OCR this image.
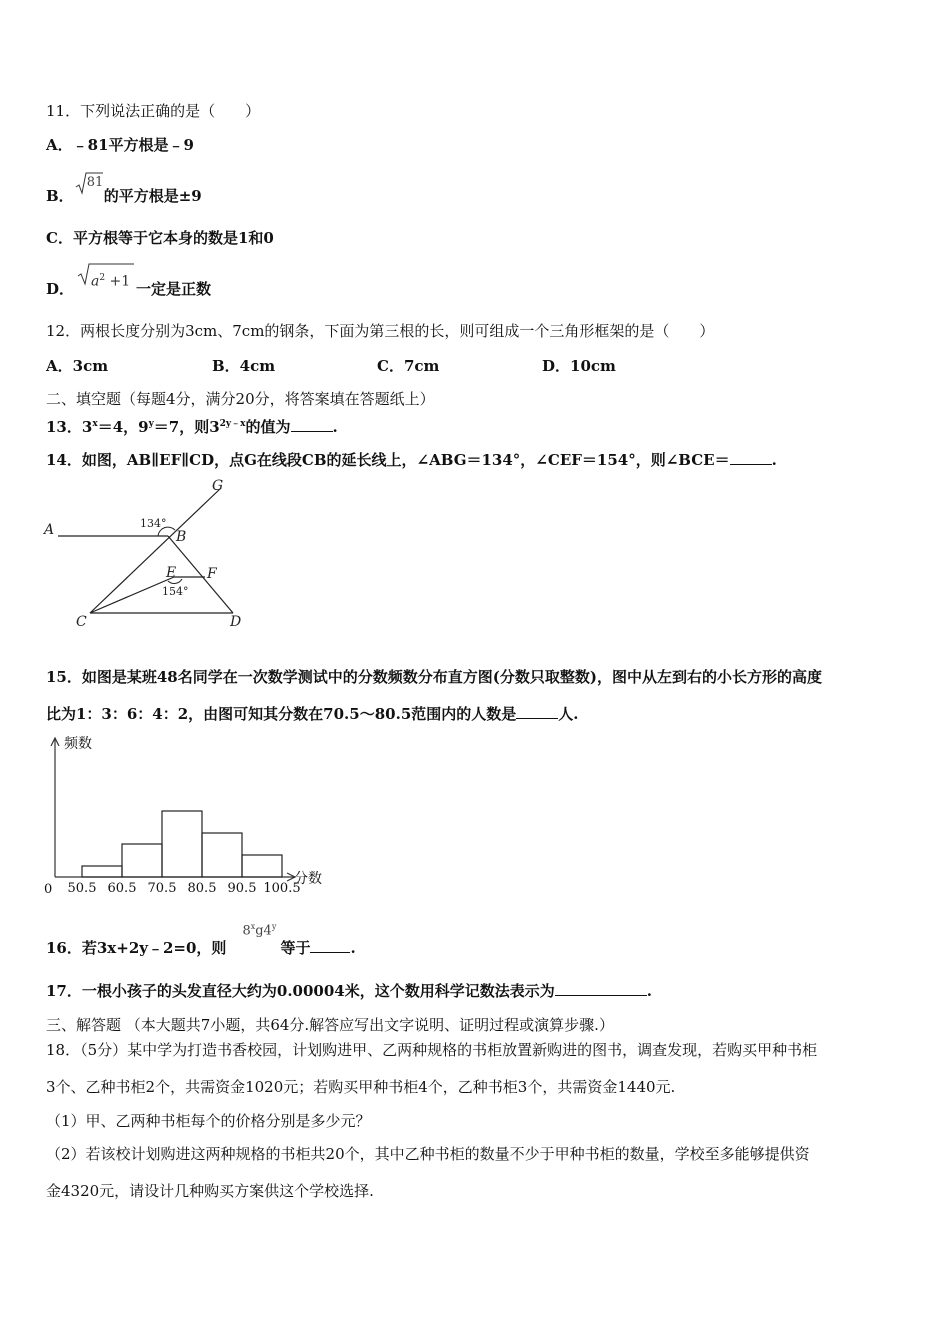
11．下列说法正确的是（　　）
A．﹣81平方根是﹣9
B．
81
的平方根是±9
C．平方根等于它本身的数是1和0
D． $a^2 +1$ 一定是正数
12．两根长度分别为3cm、7cm的钢条，下面为第三根的长，则可组成一个三角形框架的是（　　）
A．3cm	B．4cm	C．7cm	D．10cm
二、填空题（每题4分，满分20分，将答案填在答题纸上）
13．$3^x=4$，$9^y=7$，则$3^{2y﹣x}$的值为	.
14．如图，AB∥EF∥CD，点G在线段CB的延长线上，∠ABG＝134°，∠CEF＝154°，则∠BCE＝	.
G
A	B
E F
C	D
134°
154°
15．如图是某班48名同学在一次数学测试中的分数频数分布直方图(分数只取整数)，图中从左到右的小长方形的高度
比为1：3：6：4：2，由图可知其分数在70.5～80.5范围内的人数是	人.
频数
分数
0 50.5 60.5 70.5 80.5 90.5 100.5
16．若3x+2y﹣2=0，则
8$^x$g4$^y$
等于	.
17．一根小孩子的头发直径大约为0.00004米，这个数用科学记数法表示为	.
三、解答题 （本大题共7小题，共64分.解答应写出文字说明、证明过程或演算步骤.）
18．（5分）某中学为打造书香校园，计划购进甲、乙两种规格的书柜放置新购进的图书，调查发现，若购买甲种书柜
3个、乙种书柜2个，共需资金1020元；若购买甲种书柜4个，乙种书柜3个，共需资金1440元.
（1）甲、乙两种书柜每个的价格分别是多少元？
（2）若该校计划购进这两种规格的书柜共20个，其中乙种书柜的数量不少于甲种书柜的数量，学校至多能够提供资
金4320元，请设计几种购买方案供这个学校选择.
